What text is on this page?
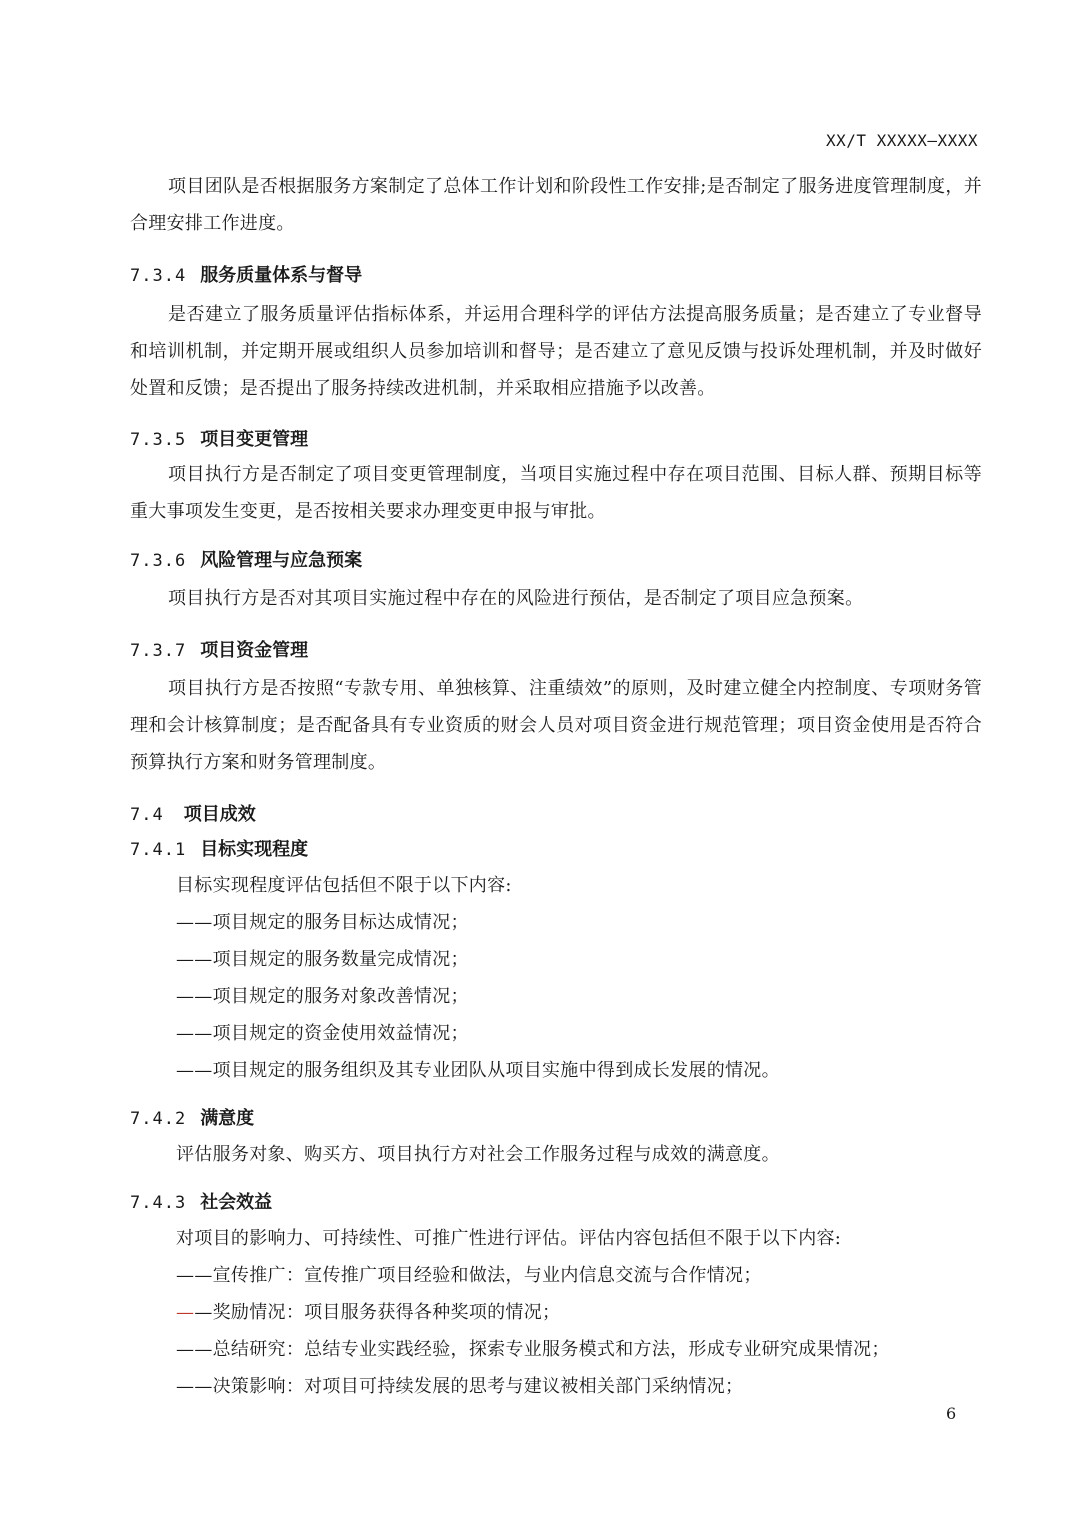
XX/T XXXXX—XXXX

项目团队是否根据服务方案制定了总体工作计划和阶段性工作安排;是否制定了服务进度管理制度，并合理安排工作进度。

7.3.4 服务质量体系与督导

是否建立了服务质量评估指标体系，并运用合理科学的评估方法提高服务质量；是否建立了专业督导和培训机制，并定期开展或组织人员参加培训和督导；是否建立了意见反馈与投诉处理机制，并及时做好处置和反馈；是否提出了服务持续改进机制，并采取相应措施予以改善。

7.3.5 项目变更管理

项目执行方是否制定了项目变更管理制度，当项目实施过程中存在项目范围、目标人群、预期目标等重大事项发生变更，是否按相关要求办理变更申报与审批。

7.3.6 风险管理与应急预案

项目执行方是否对其项目实施过程中存在的风险进行预估，是否制定了项目应急预案。

7.3.7 项目资金管理

项目执行方是否按照“专款专用、单独核算、注重绩效”的原则，及时建立健全内控制度、专项财务管理和会计核算制度；是否配备具有专业资质的财会人员对项目资金进行规范管理；项目资金使用是否符合预算执行方案和财务管理制度。

7.4 项目成效
7.4.1 目标实现程度
目标实现程度评估包括但不限于以下内容:
——项目规定的服务目标达成情况；
——项目规定的服务数量完成情况；
——项目规定的服务对象改善情况；
——项目规定的资金使用效益情况；
——项目规定的服务组织及其专业团队从项目实施中得到成长发展的情况。
7.4.2 满意度
评估服务对象、购买方、项目执行方对社会工作服务过程与成效的满意度。
7.4.3 社会效益
对项目的影响力、可持续性、可推广性进行评估。评估内容包括但不限于以下内容:
——宣传推广：宣传推广项目经验和做法，与业内信息交流与合作情况；
——奖励情况：项目服务获得各种奖项的情况；
——总结研究：总结专业实践经验，探索专业服务模式和方法，形成专业研究成果情况；
——决策影响：对项目可持续发展的思考与建议被相关部门采纳情况；
6
